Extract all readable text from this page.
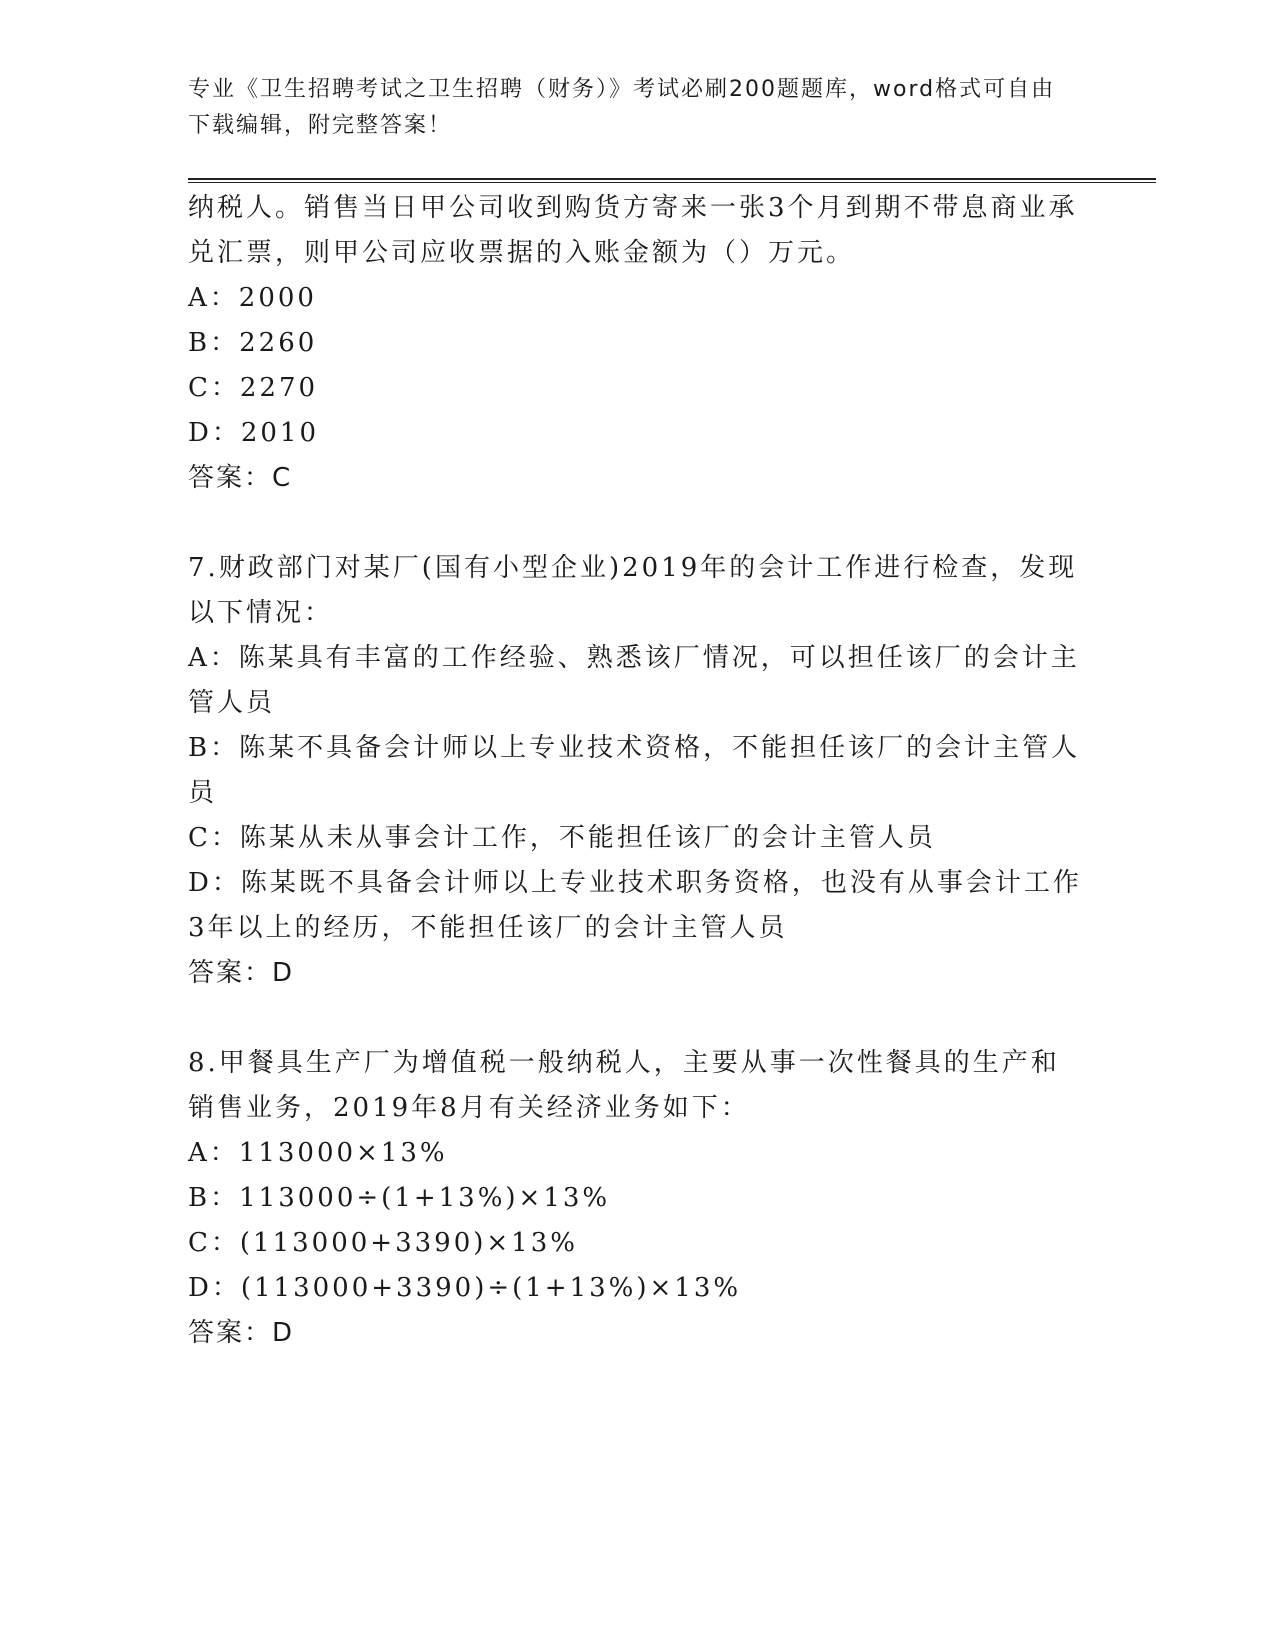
专业《卫生招聘考试之卫生招聘（财务）》考试必刷200题题库，word格式可自由下载编辑，附完整答案！

纳税人。销售当日甲公司收到购货方寄来一张3个月到期不带息商业承兑汇票，则甲公司应收票据的入账金额为（）万元。

A：2000

B：2260

C：2270

D：2010

答案：C

7.财政部门对某厂(国有小型企业)2019年的会计工作进行检查，发现以下情况：

A：陈某具有丰富的工作经验、熟悉该厂情况，可以担任该厂的会计主管人员

B：陈某不具备会计师以上专业技术资格，不能担任该厂的会计主管人员

C：陈某从未从事会计工作，不能担任该厂的会计主管人员

D：陈某既不具备会计师以上专业技术职务资格，也没有从事会计工作3年以上的经历，不能担任该厂的会计主管人员

答案：D

8.甲餐具生产厂为增值税一般纳税人，主要从事一次性餐具的生产和销售业务，2019年8月有关经济业务如下：

A：113000×13%

B：113000÷(1+13%)×13%

C：(113000+3390)×13%

D：(113000+3390)÷(1+13%)×13%

答案：D
